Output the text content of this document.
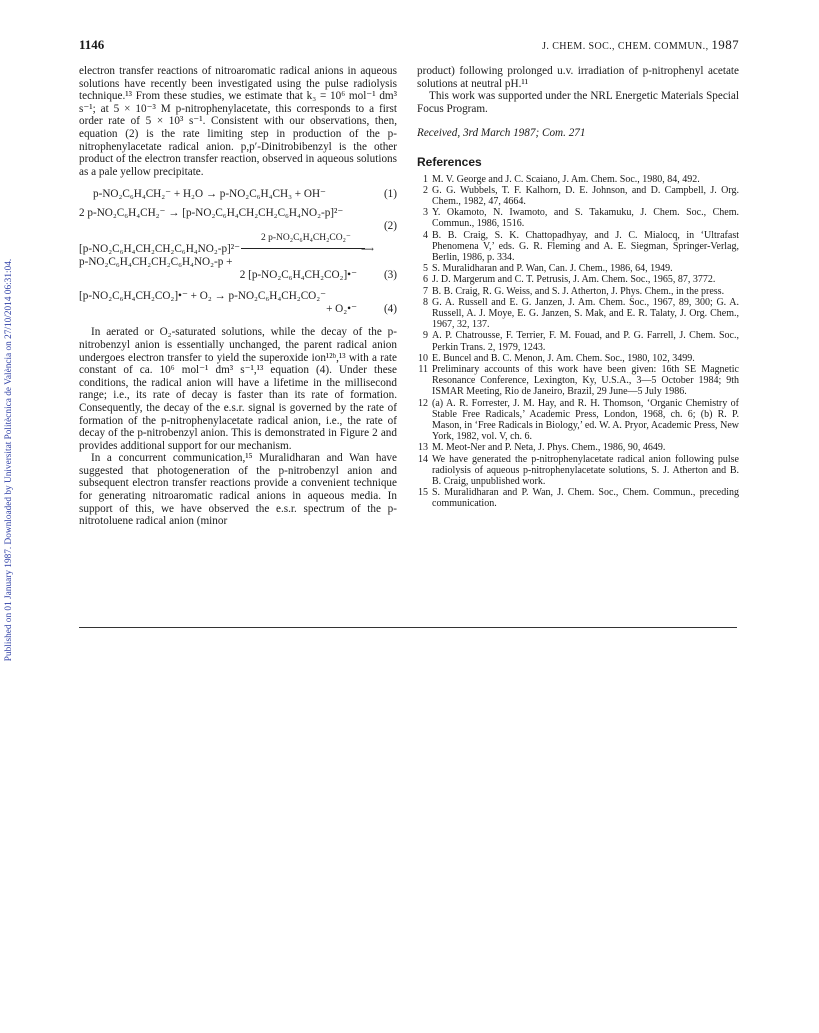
Published on 01 January 1987. Downloaded by Universitat Politècnica de València on 27/10/2014 06:31:04.
1146	J. CHEM. SOC., CHEM. COMMUN., 1987

electron transfer reactions of nitroaromatic radical anions in aqueous solutions have recently been investigated using the pulse radiolysis technique.¹³ From these studies, we estimate that k₃ = 10⁶ mol⁻¹ dm³ s⁻¹; at 5 × 10⁻³ M p-nitrophenylacetate, this corresponds to a first order rate of 5 × 10³ s⁻¹. Consistent with our observations, then, equation (2) is the rate limiting step in production of the p-nitrophenylacetate radical anion. p,p′-Dinitrobibenzyl is the other product of the electron transfer reaction, observed in aqueous solutions as a pale yellow precipitate.

p-NO₂C₆H₄CH₂⁻ + H₂O → p-NO₂C₆H₄CH₃ + OH⁻	(1)
2 p-NO₂C₆H₄CH₂⁻ → [p-NO₂C₆H₄CH₂CH₂C₆H₄NO₂-p]²⁻
(2)
2 p-NO₂C₆H₄CH₂CO₂⁻
[p-NO₂C₆H₄CH₂CH₂C₆H₄NO₂-p]²⁻	⟶
p-NO₂C₆H₄CH₂CH₂C₆H₄NO₂-p +
2 [p-NO₂C₆H₄CH₂CO₂]•⁻ (3)
[p-NO₂C₆H₄CH₂CO₂]•⁻ + O₂ → p-NO₂C₆H₄CH₂CO₂⁻
+ O₂•⁻ (4)

In aerated or O₂-saturated solutions, while the decay of the p-nitrobenzyl anion is essentially unchanged, the parent radical anion undergoes electron transfer to yield the superoxide ion¹²ᵇ,¹³ with a rate constant of ca. 10⁶ mol⁻¹ dm³ s⁻¹,¹³ equation (4). Under these conditions, the radical anion will have a lifetime in the millisecond range; i.e., its rate of decay is faster than its rate of formation. Consequently, the decay of the e.s.r. signal is governed by the rate of formation of the p-nitrophenylacetate radical anion, i.e., the rate of decay of the p-nitrobenzyl anion. This is demonstrated in Figure 2 and provides additional support for our mechanism.

In a concurrent communication,¹⁵ Muralidharan and Wan have suggested that photogeneration of the p-nitrobenzyl anion and subsequent electron transfer reactions provide a convenient technique for generating nitroaromatic radical anions in aqueous media. In support of this, we have observed the e.s.r. spectrum of the p-nitrotoluene radical anion (minor

product) following prolonged u.v. irradiation of p-nitrophenyl acetate solutions at neutral pH.¹¹

This work was supported under the NRL Energetic Materials Special Focus Program.

Received, 3rd March 1987; Com. 271

References
1 M. V. George and J. C. Scaiano, J. Am. Chem. Soc., 1980, 84, 492.
2 G. G. Wubbels, T. F. Kalhorn, D. E. Johnson, and D. Campbell, J. Org. Chem., 1982, 47, 4664.
3 Y. Okamoto, N. Iwamoto, and S. Takamuku, J. Chem. Soc., Chem. Commun., 1986, 1516.
4 B. B. Craig, S. K. Chattopadhyay, and J. C. Mialocq, in ‘Ultrafast Phenomena V,’ eds. G. R. Fleming and A. E. Siegman, Springer-Verlag, Berlin, 1986, p. 334.
5 S. Muralidharan and P. Wan, Can. J. Chem., 1986, 64, 1949.
6 J. D. Margerum and C. T. Petrusis, J. Am. Chem. Soc., 1965, 87, 3772.
7 B. B. Craig, R. G. Weiss, and S. J. Atherton, J. Phys. Chem., in the press.
8 G. A. Russell and E. G. Janzen, J. Am. Chem. Soc., 1967, 89, 300; G. A. Russell, A. J. Moye, E. G. Janzen, S. Mak, and E. R. Talaty, J. Org. Chem., 1967, 32, 137.
9 A. P. Chatrousse, F. Terrier, F. M. Fouad, and P. G. Farrell, J. Chem. Soc., Perkin Trans. 2, 1979, 1243.
10 E. Buncel and B. C. Menon, J. Am. Chem. Soc., 1980, 102, 3499.
11 Preliminary accounts of this work have been given: 16th SE Magnetic Resonance Conference, Lexington, Ky, U.S.A., 3—5 October 1984; 9th ISMAR Meeting, Rio de Janeiro, Brazil, 29 June—5 July 1986.
12 (a) A. R. Forrester, J. M. Hay, and R. H. Thomson, ‘Organic Chemistry of Stable Free Radicals,’ Academic Press, London, 1968, ch. 6; (b) R. P. Mason, in ‘Free Radicals in Biology,’ ed. W. A. Pryor, Academic Press, New York, 1982, vol. V, ch. 6.
13 M. Meot-Ner and P. Neta, J. Phys. Chem., 1986, 90, 4649.
14 We have generated the p-nitrophenylacetate radical anion following pulse radiolysis of aqueous p-nitrophenylacetate solutions, S. J. Atherton and B. B. Craig, unpublished work.
15 S. Muralidharan and P. Wan, J. Chem. Soc., Chem. Commun., preceding communication.
